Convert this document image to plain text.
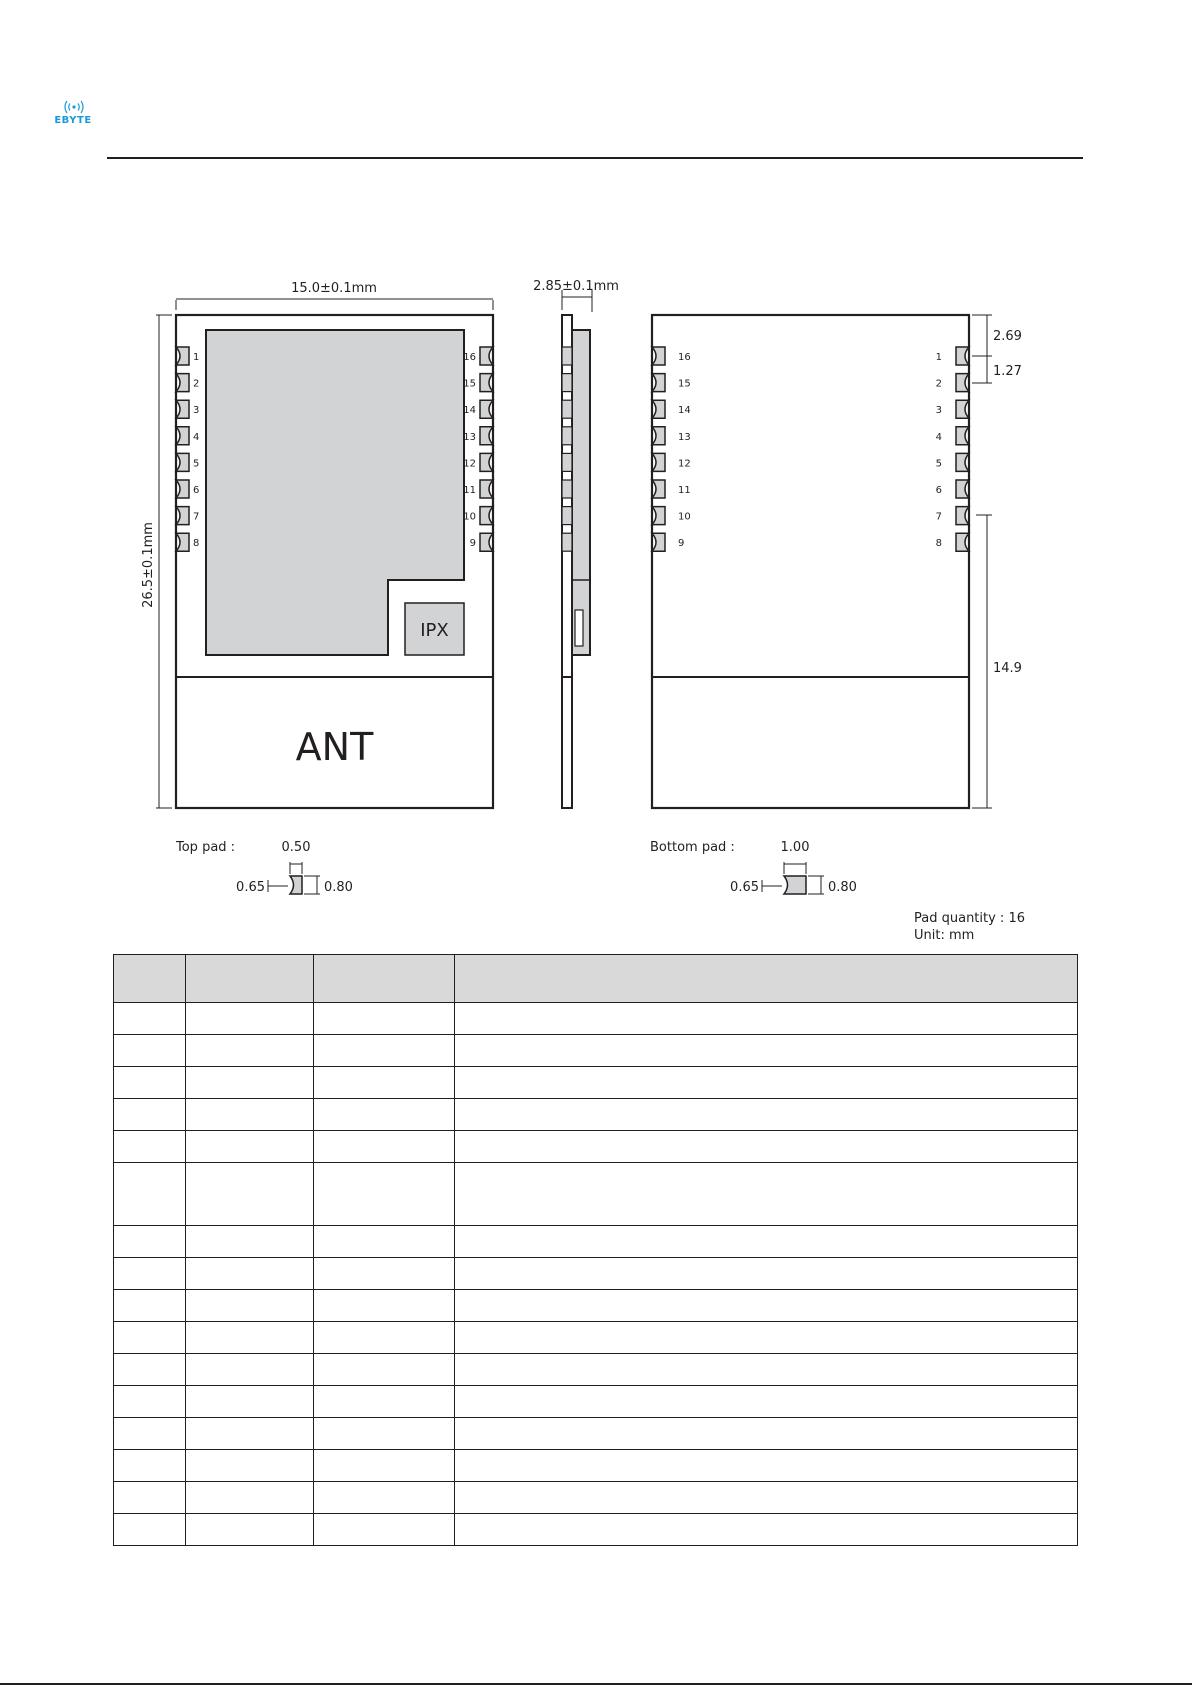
EBYTE
IPX
ANT
1
2
3
4
5
6
7
8
16
15
14
13
12
11
10
9
15.0±0.1mm
26.5±0.1mm
2.85±0.1mm
16
15
14
13
12
11
10
9
1
2
3
4
5
6
7
8
2.69
1.27
14.9
Top pad :	0.50
0.65	0.80
Bottom pad :	1.00
0.65	0.80
Pad quantity : 16
Unit: mm
